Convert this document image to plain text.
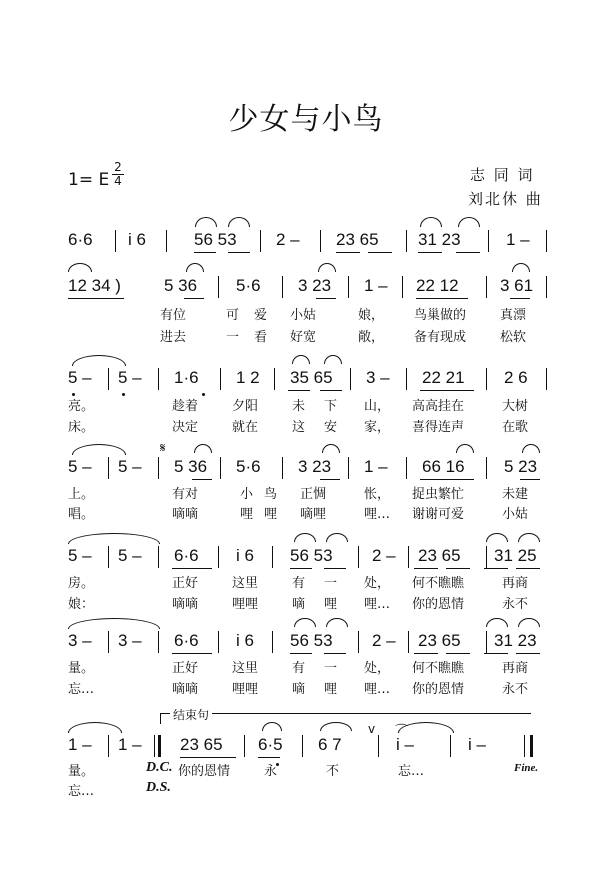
少女与小鸟
1= E
2
4	志 同 词
刘北休 曲
6·6 i 6	56 53 2 – 23 65 31 23	1 –
12 34 )	5 36 5·6 3 23 1 – 22 12 3 61
有位	可 爱 小姑	娘， 鸟巢做的	真漂
进去	一 看 好宽	敞， 备有现成	松软
5 – 5 – 1·6 1 2 35 65 3 – 22 21 2 6
亮。	趁着	夕阳	未 下 山， 高高挂在	大树
床。	决定	就在	这 安 家， 喜得连声	在歌
𝄋
5 – 5 – 5 36 5·6 3 23 1 – 66 16 5 23
上。	有对	小 鸟 正惆	怅， 捉虫繁忙	未建
唱。	嘀嘀	哩 哩 嘀哩	哩… 谢谢可爱	小姑
5 – 5 – 6·6 i 6 56 53 2 – 23 65 31 25
房。	正好	这里	有 一 处， 何不瞧瞧	再商
娘：	嘀嘀	哩哩	嘀 哩 哩… 你的恩情	永不
3 – 3 – 6·6 i 6 56 53 2 – 23 65 31 23
量。	正好	这里	有 一 处， 何不瞧瞧	再商
忘…	嘀嘀	哩哩	嘀 哩 哩… 你的恩情	永不
结束句
v ⌒
1 – 1 – 23 65 6·5 6 7	i –	i –
量。	你的恩情	永	不	忘…
忘…
D.C.
D.S.
Fine.
